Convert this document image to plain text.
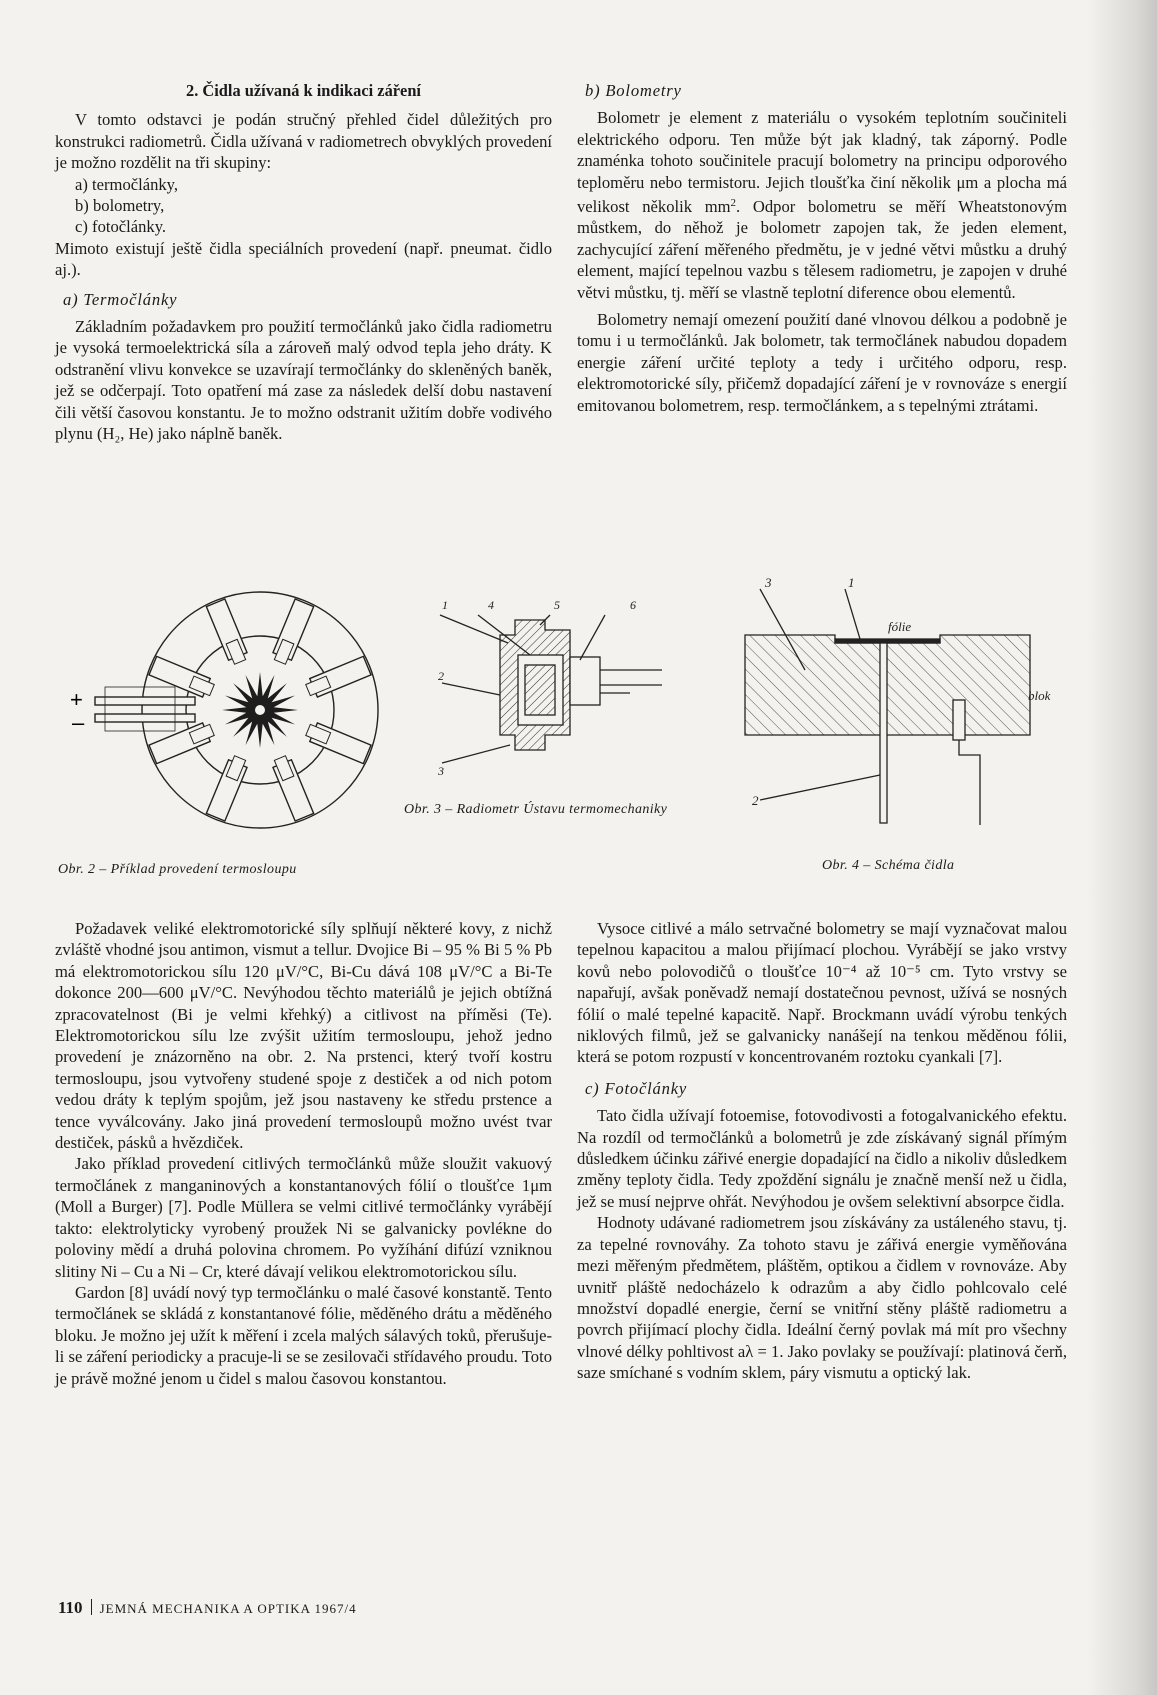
2. Čidla užívaná k indikaci záření

V tomto odstavci je podán stručný přehled čidel důležitých pro konstrukci radiometrů. Čidla užívaná v radiometrech obvyklých provedení je možno rozdělit na tři skupiny:

a) termočlánky,

b) bolometry,

c) fotočlánky.

Mimoto existují ještě čidla speciálních provedení (např. pneumat. čidlo aj.).

a) Termočlánky

Základním požadavkem pro použití termočlánků jako čidla radiometru je vysoká termoelektrická síla a zároveň malý odvod tepla jeho dráty. K odstranění vlivu konvekce se uzavírají termočlánky do skleněných baněk, jež se odčerpají. Toto opatření má zase za následek delší dobu nastavení čili větší časovou konstantu. Je to možno odstranit užitím dobře vodivého plynu (H₂, He) jako náplně baněk.

b) Bolometry

Bolometr je element z materiálu o vysokém teplotním součiniteli elektrického odporu. Ten může být jak kladný, tak záporný. Podle znaménka tohoto součinitele pracují bolometry na principu odporového teploměru nebo termistoru. Jejich tloušťka činí několik μm a plocha má velikost několik $mm^2$. Odpor bolometru se měří Wheatstonovým můstkem, do něhož je bolometr zapojen tak, že jeden element, zachycující záření měřeného předmětu, je v jedné větvi můstku a druhý element, mající tepelnou vazbu s tělesem radiometru, je zapojen v druhé větvi můstku, tj. měří se vlastně teplotní diference obou elementů.

Bolometry nemají omezení použití dané vlnovou délkou a podobně je tomu i u termočlánků. Jak bolometr, tak termočlánek nabudou dopadem energie záření určité teploty a tedy i určitého odporu, resp. elektromotorické síly, přičemž dopadající záření je v rovnováze s energií emitovanou bolometrem, resp. termočlánkem, a s tepelnými ztrátami.

+
–
1	4	5	6
2
3
3	1
fólie
blok
2
Obr. 2 – Příklad provedení termosloupu
Obr. 3 – Radiometr Ústavu termomechaniky
Obr. 4 – Schéma čidla

Požadavek veliké elektromotorické síly splňují některé kovy, z nichž zvláště vhodné jsou antimon, vismut a tellur. Dvojice Bi – 95 % Bi 5 % Pb má elektromotorickou sílu 120 μV/°C, Bi-Cu dává 108 μV/°C a Bi-Te dokonce 200—600 μV/°C. Nevýhodou těchto materiálů je jejich obtížná zpracovatelnost (Bi je velmi křehký) a citlivost na příměsi (Te). Elektromotorickou sílu lze zvýšit užitím termosloupu, jehož jedno provedení je znázorněno na obr. 2. Na prstenci, který tvoří kostru termosloupu, jsou vytvořeny studené spoje z destiček a od nich potom vedou dráty k teplým spojům, jež jsou nastaveny ke středu prstence a tence vyválcovány. Jako jiná provedení termosloupů možno uvést tvar destiček, pásků a hvězdiček.

Jako příklad provedení citlivých termočlánků může sloužit vakuový termočlánek z manganinových a konstantanových fólií o tloušťce 1μm (Moll a Burger) [7]. Podle Müllera se velmi citlivé termočlánky vyrábějí takto: elektrolyticky vyrobený proužek Ni se galvanicky povlékne do poloviny mědí a druhá polovina chromem. Po vyžíhání difúzí vzniknou slitiny Ni – Cu a Ni – Cr, které dávají velikou elektromotorickou sílu.

Gardon [8] uvádí nový typ termočlánku o malé časové konstantě. Tento termočlánek se skládá z konstantanové fólie, měděného drátu a měděného bloku. Je možno jej užít k měření i zcela malých sálavých toků, přerušuje-li se záření periodicky a pracuje-li se se zesilovači střídavého proudu. Toto je právě možné jenom u čidel s malou časovou konstantou.

Vysoce citlivé a málo setrvačné bolometry se mají vyznačovat malou tepelnou kapacitou a malou přijímací plochou. Vyrábějí se jako vrstvy kovů nebo polovodičů o tloušťce 10⁻⁴ až 10⁻⁵ cm. Tyto vrstvy se napařují, avšak poněvadž nemají dostatečnou pevnost, užívá se nosných fólií o malé tepelné kapacitě. Např. Brockmann uvádí výrobu tenkých niklových filmů, jež se galvanicky nanášejí na tenkou měděnou fólii, která se potom rozpustí v koncentrovaném roztoku cyankali [7].

c) Fotočlánky

Tato čidla užívají fotoemise, fotovodivosti a fotogalvanického efektu. Na rozdíl od termočlánků a bolometrů je zde získávaný signál přímým důsledkem účinku zářivé energie dopadající na čidlo a nikoliv důsledkem změny teploty čidla. Tedy zpoždění signálu je značně menší než u čidla, jež se musí nejprve ohřát. Nevýhodou je ovšem selektivní absorpce čidla.

Hodnoty udávané radiometrem jsou získávány za ustáleného stavu, tj. za tepelné rovnováhy. Za tohoto stavu je zářivá energie vyměňována mezi měřeným předmětem, pláštěm, optikou a čidlem v rovnováze. Aby uvnitř pláště nedocházelo k odrazům a aby čidlo pohlcovalo celé množství dopadlé energie, černí se vnitřní stěny pláště radiometru a povrch přijímací plochy čidla. Ideální černý povlak má mít pro všechny vlnové délky pohltivost aλ = 1. Jako povlaky se používají: platinová čerň, saze smíchané s vodním sklem, páry vismutu a optický lak.

110 JEMNÁ MECHANIKA A OPTIKA 1967/4
